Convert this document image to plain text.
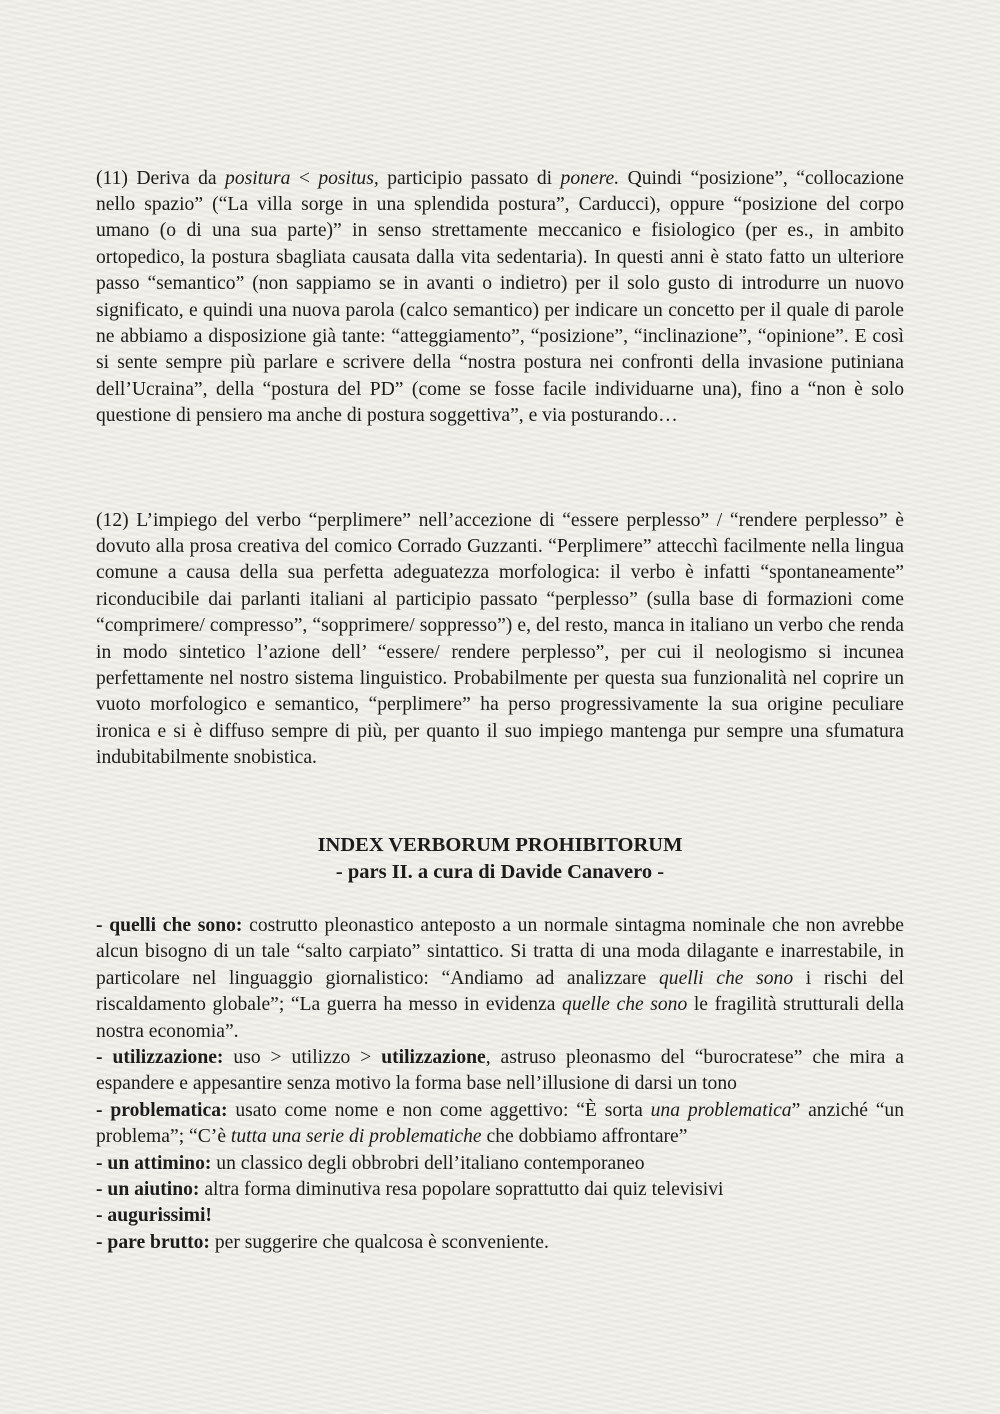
(11) Deriva da positura < positus, participio passato di ponere. Quindi “posizione”, “collocazione nello spazio” (“La villa sorge in una splendida postura”, Carducci), oppure “posizione del corpo umano (o di una sua parte)” in senso strettamente meccanico e fisiologico (per es., in ambito ortopedico, la postura sbagliata causata dalla vita sedentaria). In questi anni è stato fatto un ulteriore passo “semantico” (non sappiamo se in avanti o indietro) per il solo gusto di introdurre un nuovo significato, e quindi una nuova parola (calco semantico) per indicare un concetto per il quale di parole ne abbiamo a disposizione già tante: “atteggiamento”, “posizione”, “inclinazione”, “opinione”. E così si sente sempre più parlare e scrivere della “nostra postura nei confronti della invasione putiniana dell’Ucraina”, della “postura del PD” (come se fosse facile individuarne una), fino a “non è solo questione di pensiero ma anche di postura soggettiva”, e via posturando…

(12) L’impiego del verbo “perplimere” nell’accezione di “essere perplesso” / “rendere perplesso” è dovuto alla prosa creativa del comico Corrado Guzzanti. “Perplimere” attecchì facilmente nella lingua comune a causa della sua perfetta adeguatezza morfologica: il verbo è infatti “spontaneamente” riconducibile dai parlanti italiani al participio passato “perplesso” (sulla base di formazioni come “comprimere/ compresso”, “sopprimere/ soppresso”) e, del resto, manca in italiano un verbo che renda in modo sintetico l’azione dell’ “essere/ rendere perplesso”, per cui il neologismo si incunea perfettamente nel nostro sistema linguistico. Probabilmente per questa sua funzionalità nel coprire un vuoto morfologico e semantico, “perplimere” ha perso progressivamente la sua origine peculiare ironica e si è diffuso sempre di più, per quanto il suo impiego mantenga pur sempre una sfumatura indubitabilmente snobistica.

INDEX VERBORUM PROHIBITORUM
- pars II. a cura di Davide Canavero -

- quelli che sono: costrutto pleonastico anteposto a un normale sintagma nominale che non avrebbe alcun bisogno di un tale “salto carpiato” sintattico. Si tratta di una moda dilagante e inarrestabile, in particolare nel linguaggio giornalistico: “Andiamo ad analizzare quelli che sono i rischi del riscaldamento globale”; “La guerra ha messo in evidenza quelle che sono le fragilità strutturali della nostra economia”.

- utilizzazione: uso > utilizzo > utilizzazione, astruso pleonasmo del “burocratese” che mira a espandere e appesantire senza motivo la forma base nell’illusione di darsi un tono

- problematica: usato come nome e non come aggettivo: “È sorta una problematica” anziché “un problema”; “C’è tutta una serie di problematiche che dobbiamo affrontare”

- un attimino: un classico degli obbrobri dell’italiano contemporaneo

- un aiutino: altra forma diminutiva resa popolare soprattutto dai quiz televisivi

- augurissimi!

- pare brutto: per suggerire che qualcosa è sconveniente.
